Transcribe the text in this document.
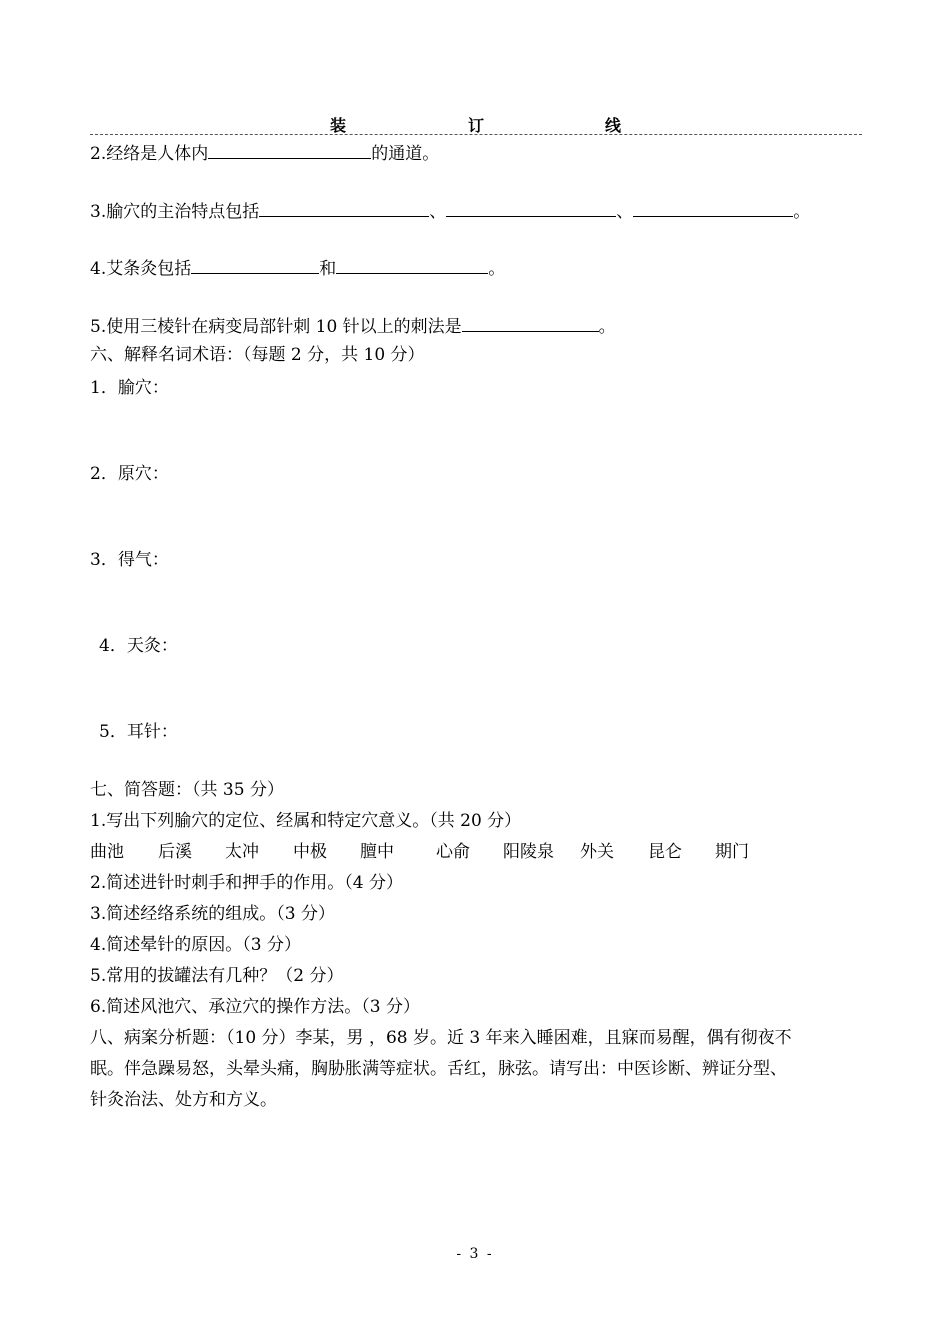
装	订	线
2.经络是人体内	的通道。
3.腧穴的主治特点包括	、	、	。
4.艾条灸包括	和	。
5.使用三棱针在病变局部针刺 10 针以上的刺法是	。
六、解释名词术语：（每题 2 分，共 10 分）
1．腧穴：
2．原穴：
3．得气：
4．天灸：
5．耳针：
七、简答题：（共 35 分）
1.写出下列腧穴的定位、经属和特定穴意义。（共 20 分）
曲池 后溪 太冲 中极 膻中 心俞 阳陵泉 外关 昆仑 期门
2.简述进针时刺手和押手的作用。（4 分）
3.简述经络系统的组成。（3 分）
4.简述晕针的原因。（3 分）
5.常用的拔罐法有几种？（2 分）
6.简述风池穴、承泣穴的操作方法。（3 分）
八、病案分析题：（10 分）李某，男 ，68 岁。近 3 年来入睡困难，且寐而易醒，偶有彻夜不
眠。伴急躁易怒，头晕头痛，胸胁胀满等症状。舌红，脉弦。请写出：中医诊断、辨证分型、
针灸治法、处方和方义。
- 3 -
